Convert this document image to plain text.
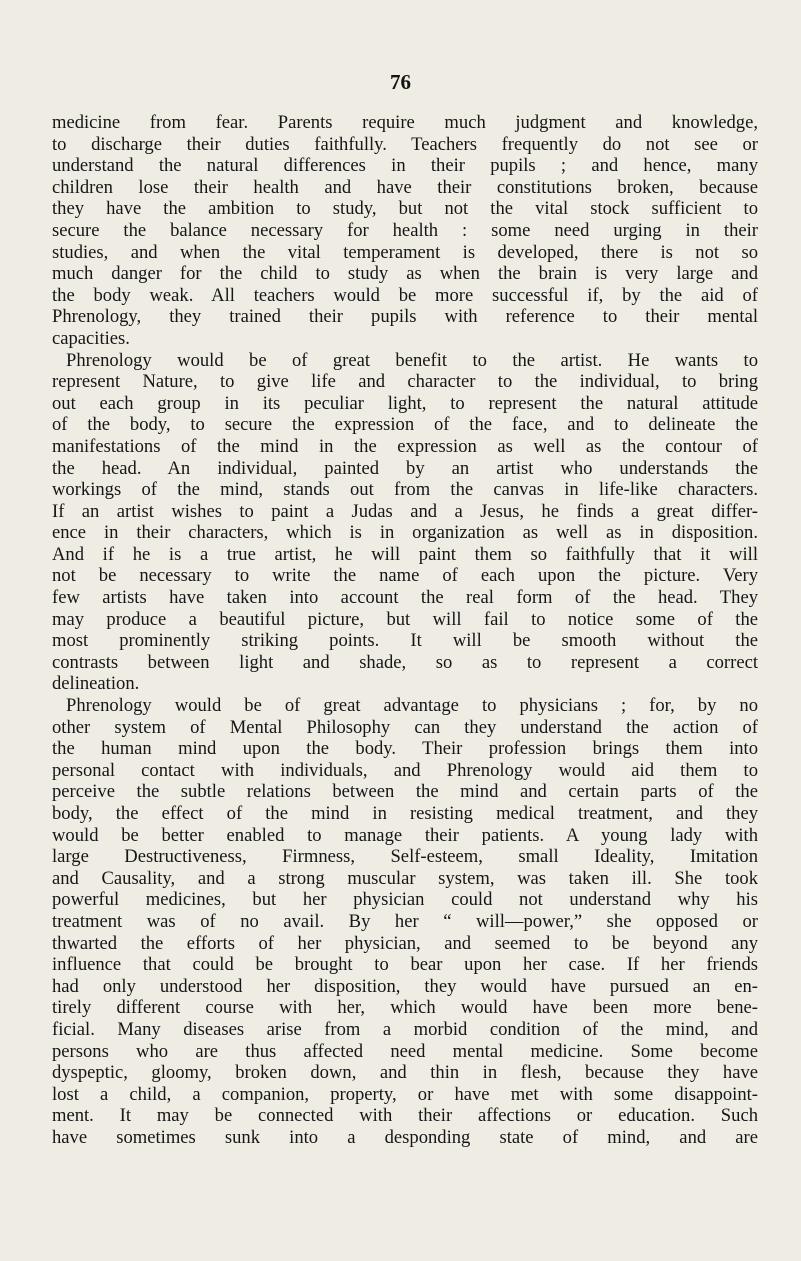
76
medicine from fear. Parents require much judgment and knowledge,
to discharge their duties faithfully. Teachers frequently do not see or
understand the natural differences in their pupils ; and hence, many
children lose their health and have their constitutions broken, because
they have the ambition to study, but not the vital stock sufficient to
secure the balance necessary for health : some need urging in their
studies, and when the vital temperament is developed, there is not so
much danger for the child to study as when the brain is very large and
the body weak. All teachers would be more successful if, by the aid of
Phrenology, they trained their pupils with reference to their mental
capacities.
Phrenology would be of great benefit to the artist. He wants to
represent Nature, to give life and character to the individual, to bring
out each group in its peculiar light, to represent the natural attitude
of the body, to secure the expression of the face, and to delineate the
manifestations of the mind in the expression as well as the contour of
the head. An individual, painted by an artist who understands the
workings of the mind, stands out from the canvas in life-like characters.
If an artist wishes to paint a Judas and a Jesus, he finds a great differ-
ence in their characters, which is in organization as well as in disposition.
And if he is a true artist, he will paint them so faithfully that it will
not be necessary to write the name of each upon the picture. Very
few artists have taken into account the real form of the head. They
may produce a beautiful picture, but will fail to notice some of the
most prominently striking points. It will be smooth without the
contrasts between light and shade, so as to represent a correct
delineation.
Phrenology would be of great advantage to physicians ; for, by no
other system of Mental Philosophy can they understand the action of
the human mind upon the body. Their profession brings them into
personal contact with individuals, and Phrenology would aid them to
perceive the subtle relations between the mind and certain parts of the
body, the effect of the mind in resisting medical treatment, and they
would be better enabled to manage their patients. A young lady with
large Destructiveness, Firmness, Self-esteem, small Ideality, Imitation
and Causality, and a strong muscular system, was taken ill. She took
powerful medicines, but her physician could not understand why his
treatment was of no avail. By her “ will—power,” she opposed or
thwarted the efforts of her physician, and seemed to be beyond any
influence that could be brought to bear upon her case. If her friends
had only understood her disposition, they would have pursued an en-
tirely different course with her, which would have been more bene-
ficial. Many diseases arise from a morbid condition of the mind, and
persons who are thus affected need mental medicine. Some become
dyspeptic, gloomy, broken down, and thin in flesh, because they have
lost a child, a companion, property, or have met with some disappoint-
ment. It may be connected with their affections or education. Such
have sometimes sunk into a desponding state of mind, and are
